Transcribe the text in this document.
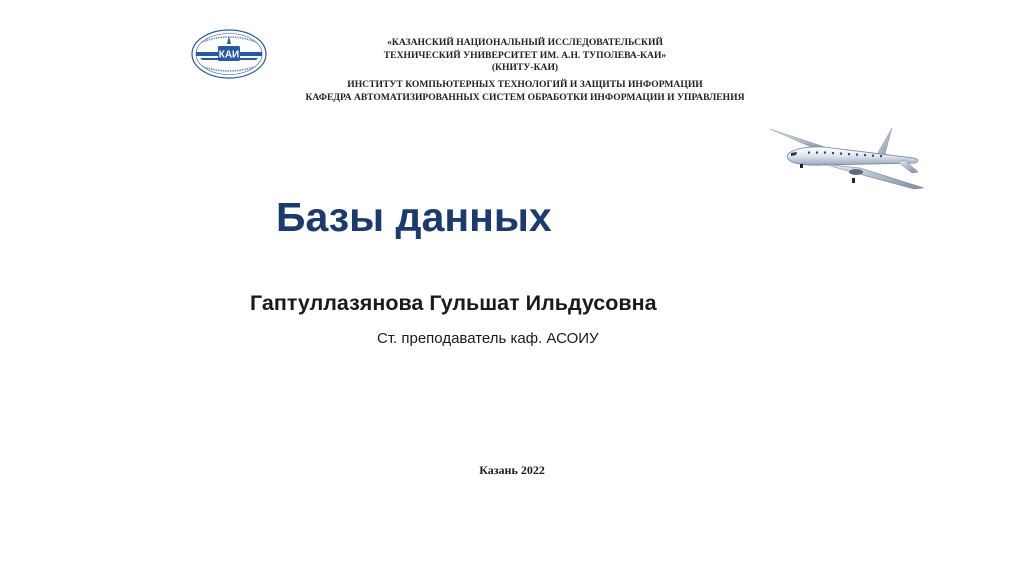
КАИ
«КАЗАНСКИЙ НАЦИОНАЛЬНЫЙ ИССЛЕДОВАТЕЛЬСКИЙ
ТЕХНИЧЕСКИЙ УНИВЕРСИТЕТ ИМ. А.Н. ТУПОЛЕВА-КАИ»
(КНИТУ-КАИ)
ИНСТИТУТ КОМПЬЮТЕРНЫХ ТЕХНОЛОГИЙ И ЗАЩИТЫ ИНФОРМАЦИИ
КАФЕДРА АВТОМАТИЗИРОВАННЫХ СИСТЕМ ОБРАБОТКИ ИНФОРМАЦИИ И УПРАВЛЕНИЯ
Базы данных
Гаптуллазянова Гульшат Ильдусовна
Ст. преподаватель каф. АСОИУ
Казань 2022
